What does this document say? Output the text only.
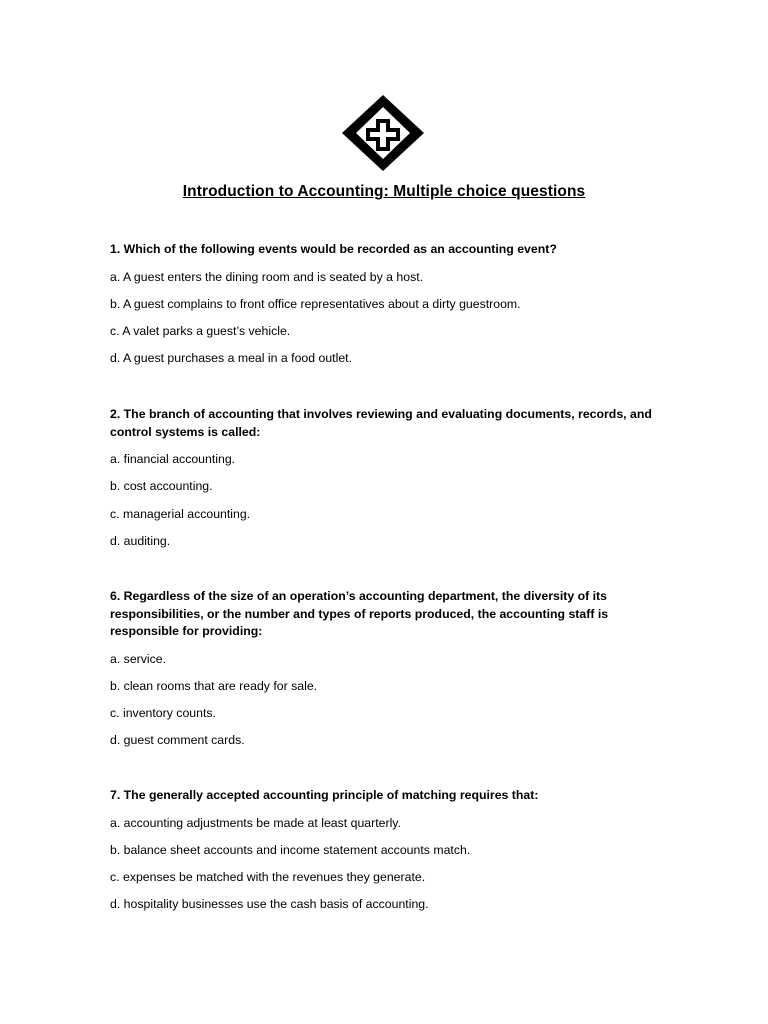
Introduction to Accounting: Multiple choice questions

1. Which of the following events would be recorded as an accounting event?

a. A guest enters the dining room and is seated by a host.

b. A guest complains to front office representatives about a dirty guestroom.

c. A valet parks a guest’s vehicle.

d. A guest purchases a meal in a food outlet.

2. The branch of accounting that involves reviewing and evaluating documents, records, and control systems is called:

a. financial accounting.

b. cost accounting.

c. managerial accounting.

d. auditing.

6. Regardless of the size of an operation’s accounting department, the diversity of its responsibilities, or the number and types of reports produced, the accounting staff is responsible for providing:

a. service.

b. clean rooms that are ready for sale.

c. inventory counts.

d. guest comment cards.

7. The generally accepted accounting principle of matching requires that:

a. accounting adjustments be made at least quarterly.

b. balance sheet accounts and income statement accounts match.

c. expenses be matched with the revenues they generate.

d. hospitality businesses use the cash basis of accounting.
